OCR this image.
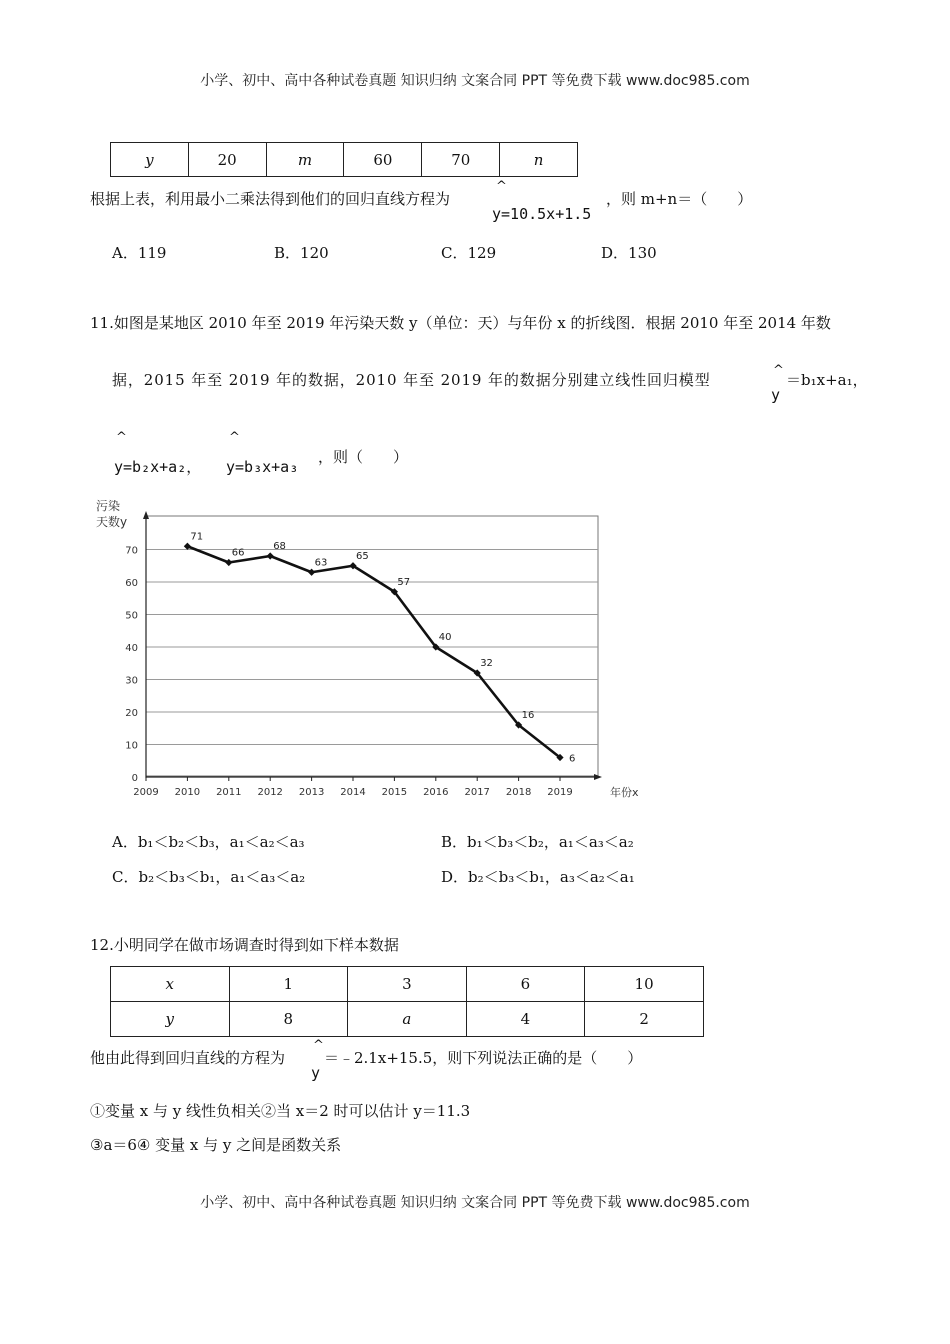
小学、初中、高中各种试卷真题 知识归纳 文案合同 PPT 等免费下载 www.doc985.com
y	20	m	60	70	n
根据上表，利用最小二乘法得到他们的回归直线方程为
^
y=10.5x+1.5
，则 m+n＝（　　）
A．119	B．120	C．129	D．130
11.如图是某地区 2010 年至 2019 年污染天数 y（单位：天）与年份 x 的折线图．根据 2010 年至 2014 年数
据，2015 年至 2019 年的数据，2010 年至 2019 年的数据分别建立线性回归模型
^
y
＝b₁x+a₁，
^
y=b₂x+a₂，
^
y=b₃x+a₃
，则（　　）
污染
天数y
年份x
0
10
20
30
40
50
60
70
2009 2010 2011 2012 2013 2014 2015 2016 2017 2018 2019
71
66
68
63
65
57
40
32
16
6
A．b₁＜b₂＜b₃，a₁＜a₂＜a₃	B．b₁＜b₃＜b₂，a₁＜a₃＜a₂
C．b₂＜b₃＜b₁，a₁＜a₃＜a₂	D．b₂＜b₃＜b₁，a₃＜a₂＜a₁
12.小明同学在做市场调查时得到如下样本数据
x	1	3	6	10
y	8	a	4	2
他由此得到回归直线的方程为
^
y
＝﹣2.1x+15.5，则下列说法正确的是（　　）
①变量 x 与 y 线性负相关②当 x＝2 时可以估计 y＝11.3
③a＝6④ 变量 x 与 y 之间是函数关系
小学、初中、高中各种试卷真题 知识归纳 文案合同 PPT 等免费下载 www.doc985.com
